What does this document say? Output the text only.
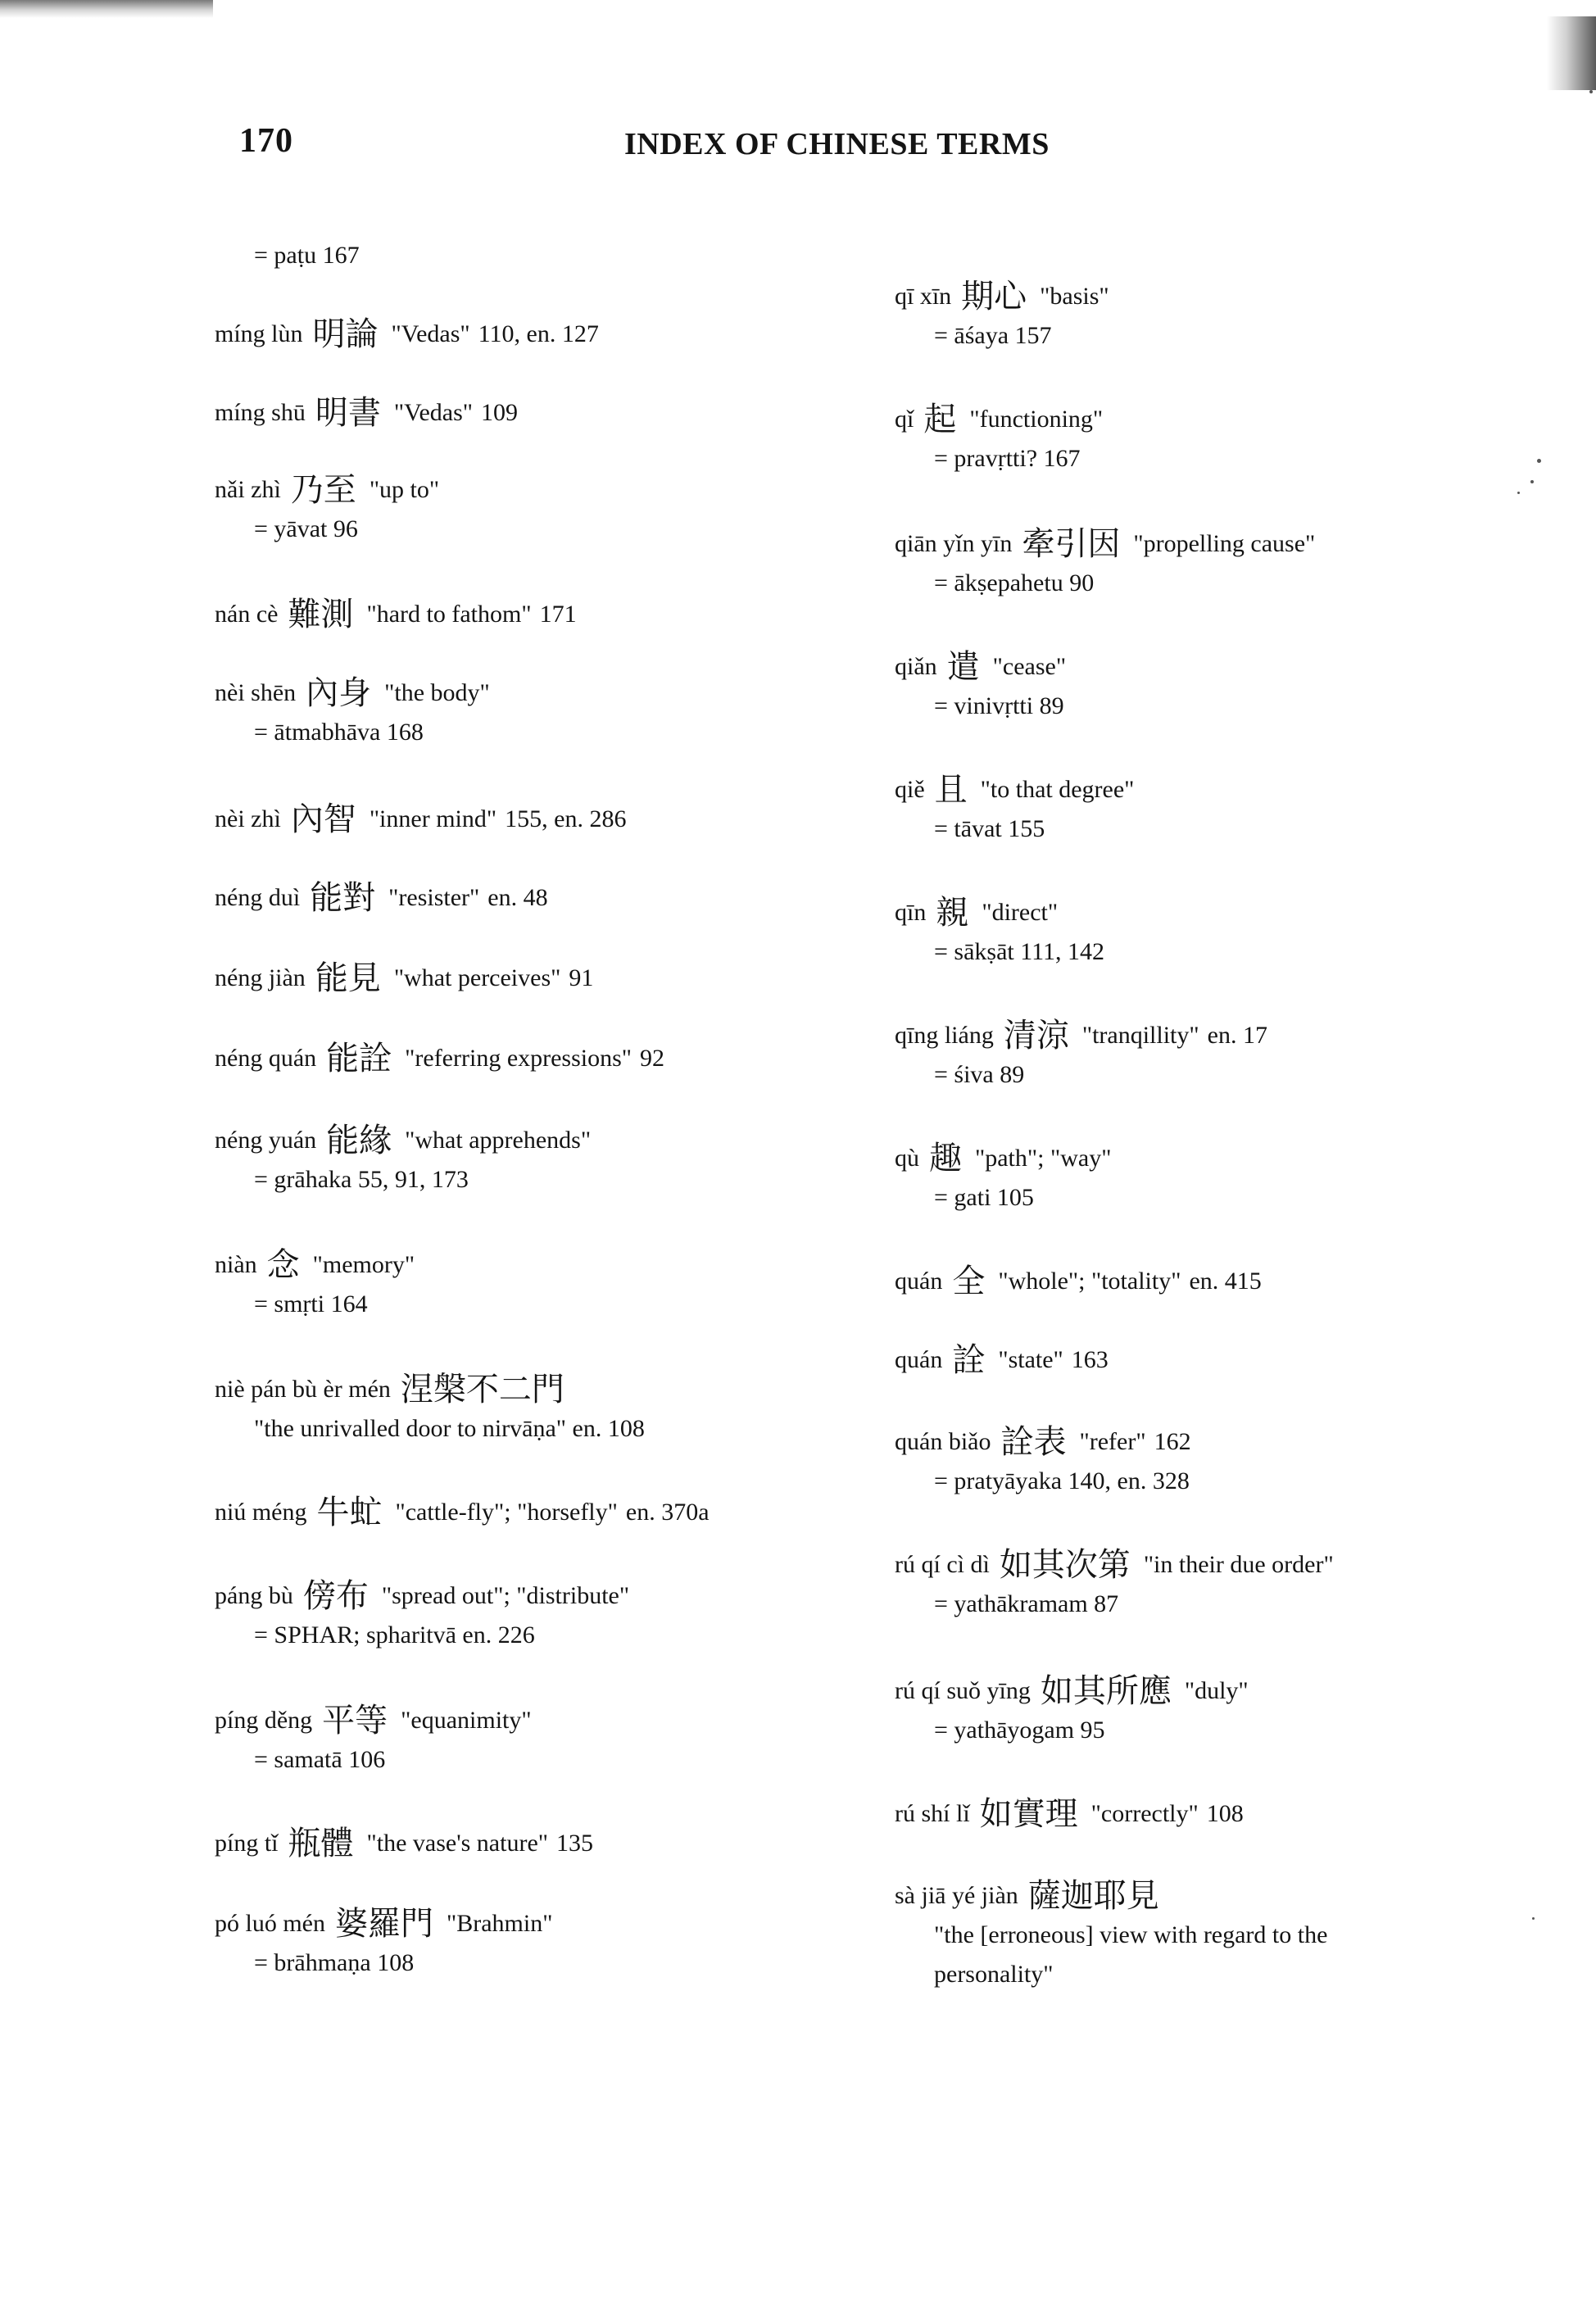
170	INDEX OF CHINESE TERMS
= paṭu 167
míng lùn 明論 "Vedas" 110, en. 127
míng shū 明書 "Vedas" 109
nǎi zhì 乃至 "up to"
= yāvat 96
nán cè 難測 "hard to fathom" 171
nèi shēn 內身 "the body"
= ātmabhāva 168
nèi zhì 內智 "inner mind" 155, en. 286
néng duì 能對 "resister" en. 48
néng jiàn 能見 "what perceives" 91
néng quán 能詮 "referring expressions" 92
néng yuán 能緣 "what apprehends"
= grāhaka 55, 91, 173
niàn 念 "memory"
= smṛti 164
niè pán bù èr mén 涅槃不二門
"the unrivalled door to nirvāṇa" en. 108
niú méng 牛虻 "cattle-fly"; "horsefly" en. 370a
páng bù 傍布 "spread out"; "distribute"
= SPHAR; spharitvā en. 226
píng děng 平等 "equanimity"
= samatā 106
píng tǐ 瓶體 "the vase's nature" 135
pó luó mén 婆羅門 "Brahmin"
= brāhmaṇa 108
qī xīn 期心 "basis"
= āśaya 157
qǐ 起 "functioning"
= pravṛtti? 167
qiān yǐn yīn 牽引因 "propelling cause"
= ākṣepahetu 90
qiǎn 遣 "cease"
= vinivṛtti 89
qiě 且 "to that degree"
= tāvat 155
qīn 親 "direct"
= sākṣāt 111, 142
qīng liáng 清涼 "tranqillity" en. 17
= śiva 89
qù 趣 "path"; "way"
= gati 105
quán 全 "whole"; "totality" en. 415
quán 詮 "state" 163
quán biǎo 詮表 "refer" 162
= pratyāyaka 140, en. 328
rú qí cì dì 如其次第 "in their due order"
= yathākramam 87
rú qí suǒ yīng 如其所應 "duly"
= yathāyogam 95
rú shí lǐ 如實理 "correctly" 108
sà jiā yé jiàn 薩迦耶見
"the [erroneous] view with regard to the
personality"
